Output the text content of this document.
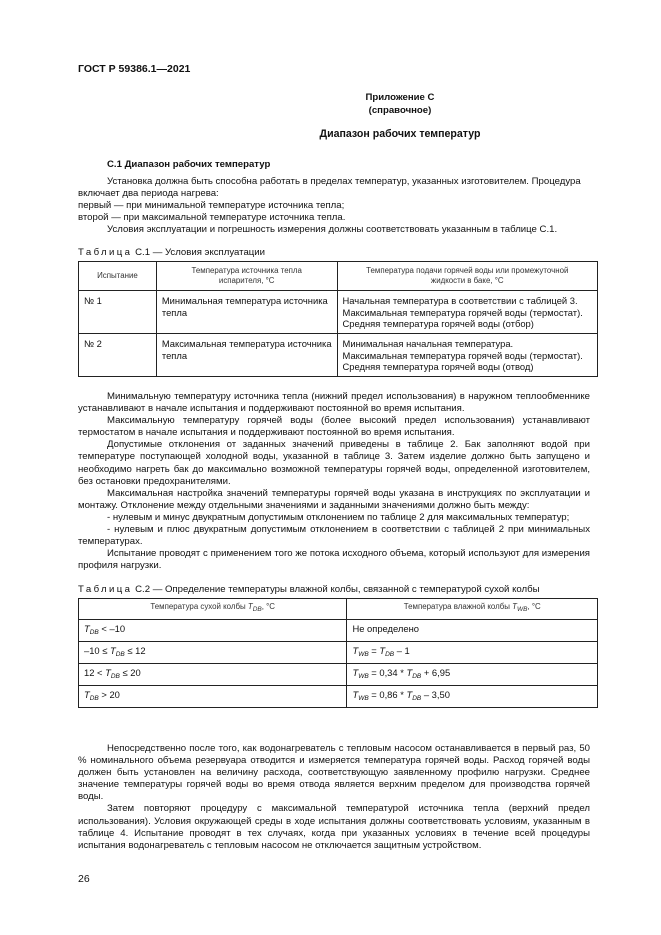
ГОСТ Р 59386.1—2021
Приложение С
(справочное)
Диапазон рабочих температур
С.1 Диапазон рабочих температур
Установка должна быть способна работать в пределах температур, указанных изготовителем. Процедура
включает два периода нагрева:
первый — при минимальной температуре источника тепла;
второй — при максимальной температуре источника тепла.
Условия эксплуатации и погрешность измерения должны соответствовать указанным в таблице С.1.
Таблица С.1 — Условия эксплуатации
Испытание	Температура источника тепла испарителя, °С	Температура подачи горячей воды или промежуточной жидкости в баке, °С
№ 1	Минимальная температура источника тепла	Начальная температура в соответствии с таблицей 3.
Максимальная температура горячей воды (термостат).
Средняя температура горячей воды (отбор)

№ 2	Максимальная температура источника тепла	Минимальная начальная температура.
Максимальная температура горячей воды (термостат).
Средняя температура горячей воды (отвод)
Минимальную температуру источника тепла (нижний предел использования) в наружном теплообменнике устанавливают в начале испытания и поддерживают постоянной во время испытания.
Максимальную температуру горячей воды (более высокий предел использования) устанавливают термостатом в начале испытания и поддерживают постоянной во время испытания.
Допустимые отклонения от заданных значений приведены в таблице 2. Бак заполняют водой при температуре поступающей холодной воды, указанной в таблице 3. Затем изделие должно быть запущено и необходимо нагреть бак до максимально возможной температуры горячей воды, определенной изготовителем, без остановки предохранителями.
Максимальная настройка значений температуры горячей воды указана в инструкциях по эксплуатации и монтажу. Отклонение между отдельными значениями и заданными значениями должно быть между:
- нулевым и минус двукратным допустимым отклонением по таблице 2 для максимальных температур;
- нулевым и плюс двукратным допустимым отклонением в соответствии с таблицей 2 при минимальных температурах.
Испытание проводят с применением того же потока исходного объема, который используют для измерения профиля нагрузки.
Таблица С.2 — Определение температуры влажной колбы, связанной с температурой сухой колбы
Температура сухой колбы $T_{DB}$, °С	Температура влажной колбы $T_{WB}$, °С
$T_{DB} < -10$	Не определено
$-10 \le T_{DB} \le 12$	$T_{WB} = T_{DB} - 1$
$12 < T_{DB} \le 20$	$T_{WB} = 0,34 * T_{DB} + 6,95$
$T_{DB} > 20$	$T_{WB} = 0,86 * T_{DB} - 3,50$
Непосредственно после того, как водонагреватель с тепловым насосом останавливается в первый раз, 50 % номинального объема резервуара отводится и измеряется температура горячей воды. Расход горячей воды должен быть установлен на величину расхода, соответствующую заявленному профилю нагрузки. Среднее значение температуры горячей воды во время отвода является верхним пределом для производства горячей воды.
Затем повторяют процедуру с максимальной температурой источника тепла (верхний предел использования). Условия окружающей среды в ходе испытания должны соответствовать условиям, указанным в таблице 4. Испытание проводят в тех случаях, когда при указанных условиях в течение всей процедуры испытания водонагреватель с тепловым насосом не отключается защитным устройством.
26
